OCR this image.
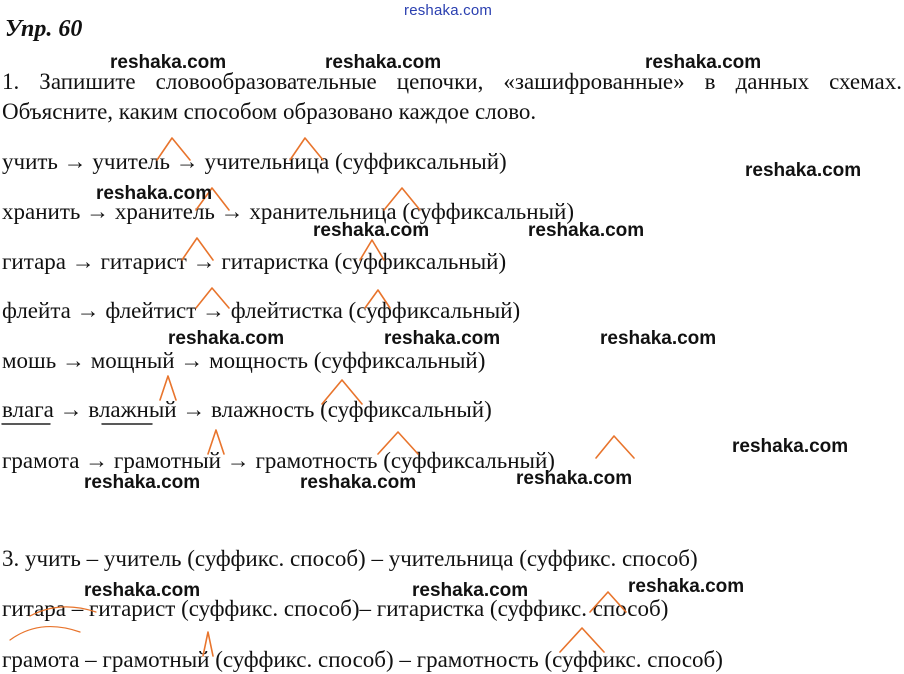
reshaka.com
Упр. 60
1. Запишите словообразовательные цепочки, «зашифрованные» в данных схемах. Объясните, каким способом образовано каждое слово.
учить → учитель → учительница (суффиксальный)
хранить → хранитель → хранительница (суффиксальный)
гитара → гитарист → гитаристка (суффиксальный)
флейта → флейтист → флейтистка (суффиксальный)
мошь → мощный → мощность (суффиксальный)
влага → влажный → влажность (суффиксальный)
грамота → грамотный → грамотность (суффиксальный)
3. учить – учитель (суффикс. способ) – учительница (суффикс. способ)
гитара – гитарист (суффикс. способ)– гитаристка (суффикс. способ)
грамота – грамотный (суффикс. способ) – грамотность (суффикс. способ)
reshaka.com	reshaka.com	reshaka.com
reshaka.com
reshaka.com
reshaka.com	reshaka.com
reshaka.com	reshaka.com	reshaka.com
reshaka.com
reshaka.com	reshaka.com	reshaka.com
reshaka.com	reshaka.com	reshaka.com
